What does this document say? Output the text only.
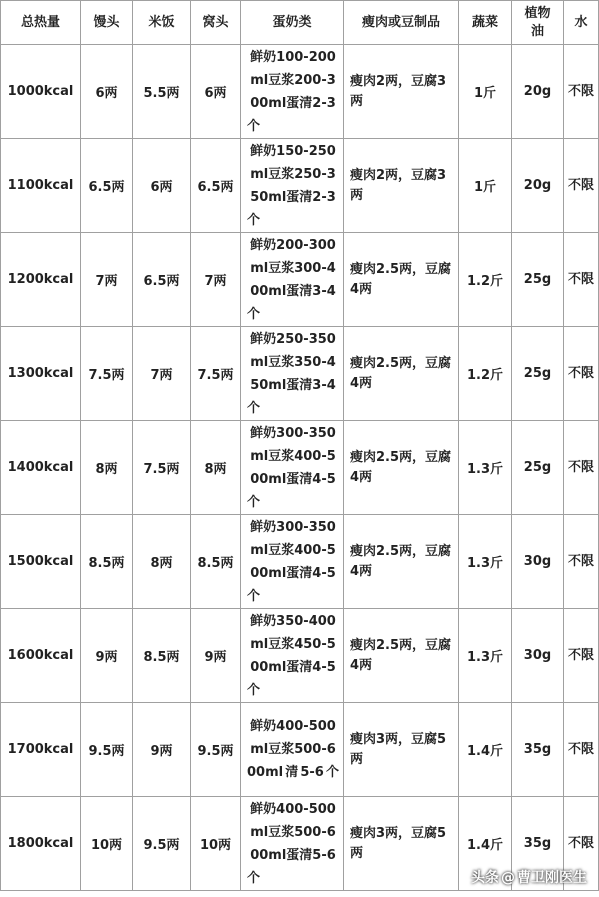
总热量	馒头	米饭	窝头	蛋奶类	瘦肉或豆制品	蔬菜	植物油	水
1000kcal	6两	5.5两	6两	鲜奶100-200ml豆浆200-300ml蛋清2-3个	瘦肉2两，豆腐3两	1斤	20g	不限
1100kcal	6.5两	6两	6.5两	鲜奶150-250ml豆浆250-350ml蛋清2-3个	瘦肉2两，豆腐3两	1斤	20g	不限
1200kcal	7两	6.5两	7两	鲜奶200-300ml豆浆300-400ml蛋清3-4个	瘦肉2.5两，豆腐4两	1.2斤	25g	不限
1300kcal	7.5两	7两	7.5两	鲜奶250-350ml豆浆350-450ml蛋清3-4个	瘦肉2.5两，豆腐4两	1.2斤	25g	不限
1400kcal	8两	7.5两	8两	鲜奶300-350ml豆浆400-500ml蛋清4-5个	瘦肉2.5两，豆腐4两	1.3斤	25g	不限
1500kcal	8.5两	8两	8.5两	鲜奶300-350ml豆浆400-500ml蛋清4-5个	瘦肉2.5两，豆腐4两	1.3斤	30g	不限
1600kcal	9两	8.5两	9两	鲜奶350-400ml豆浆450-500ml蛋清4-5个	瘦肉2.5两，豆腐4两	1.3斤	30g	不限
1700kcal	9.5两	9两	9.5两	鲜奶400-500ml豆浆500-600ml清5-6个	瘦肉3两，豆腐5两	1.4斤	35g	不限
1800kcal	10两	9.5两	10两	鲜奶400-500ml豆浆500-600ml蛋清5-6个	瘦肉3两，豆腐5两	1.4斤	35g	不限
头条 @ 曹卫刚医生
